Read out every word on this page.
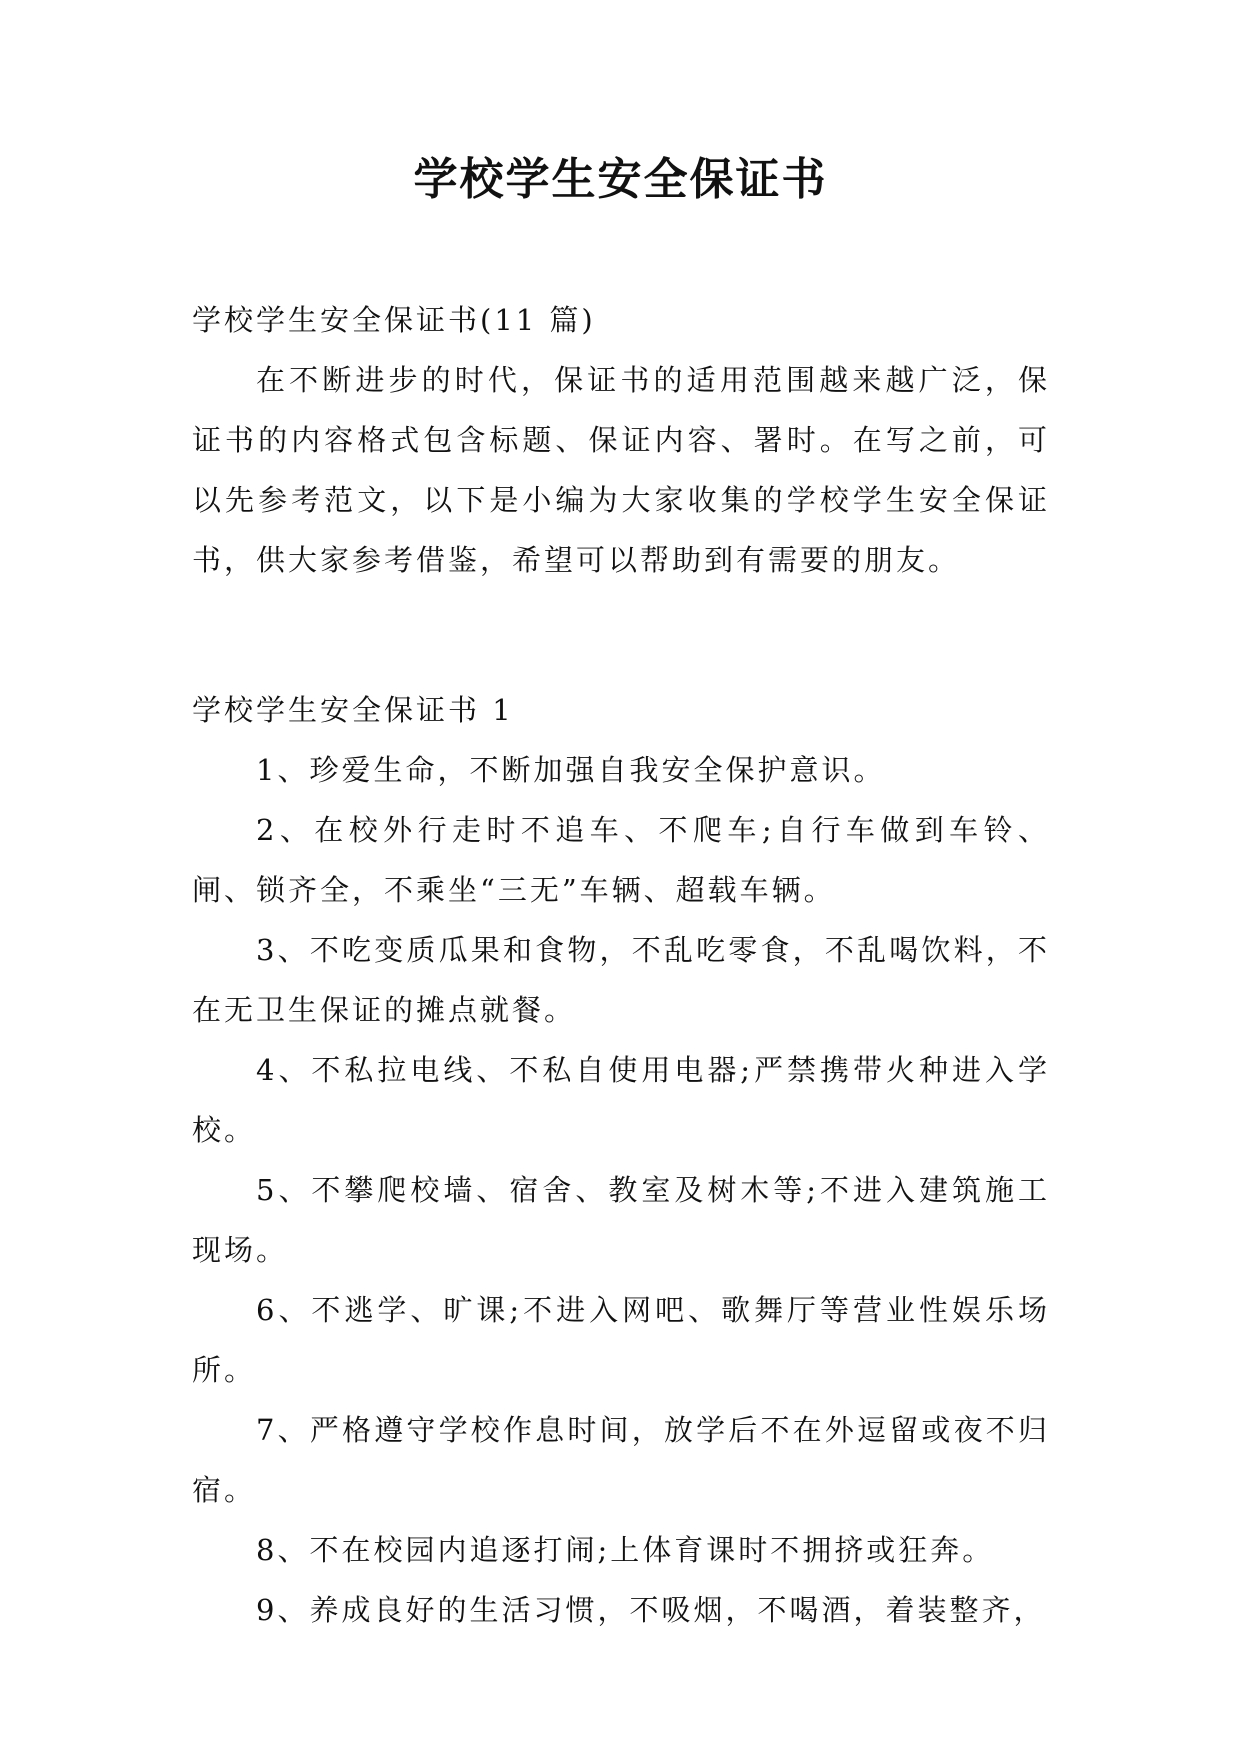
学校学生安全保证书

学校学生安全保证书(11 篇)

在不断进步的时代，保证书的适用范围越来越广泛，保证书的内容格式包含标题、保证内容、署时。在写之前，可以先参考范文，以下是小编为大家收集的学校学生安全保证书，供大家参考借鉴，希望可以帮助到有需要的朋友。

学校学生安全保证书 1

1、珍爱生命，不断加强自我安全保护意识。

2、在校外行走时不追车、不爬车;自行车做到车铃、闸、锁齐全，不乘坐“三无”车辆、超载车辆。

3、不吃变质瓜果和食物，不乱吃零食，不乱喝饮料，不在无卫生保证的摊点就餐。

4、不私拉电线、不私自使用电器;严禁携带火种进入学校。

5、不攀爬校墙、宿舍、教室及树木等;不进入建筑施工现场。

6、不逃学、旷课;不进入网吧、歌舞厅等营业性娱乐场所。

7、严格遵守学校作息时间，放学后不在外逗留或夜不归宿。

8、不在校园内追逐打闹;上体育课时不拥挤或狂奔。

9、养成良好的生活习惯，不吸烟，不喝酒，着装整齐，
